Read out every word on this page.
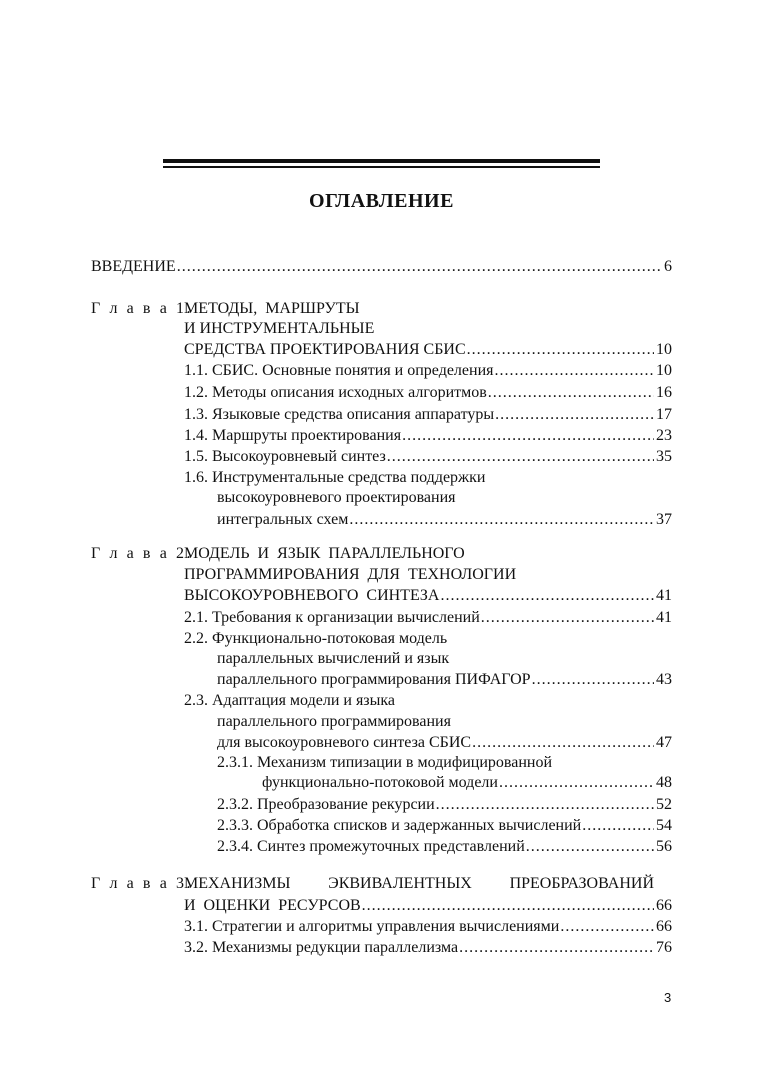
ОГЛАВЛЕНИЕ
ВВЕДЕНИЕ .....	6
Г л а в а 1.
МЕТОДЫ, МАРШРУТЫ
И ИНСТРУМЕНТАЛЬНЫЕ
СРЕДСТВА ПРОЕКТИРОВАНИЯ СБИС .....	10
1.1. СБИС. Основные понятия и определения .....	10
1.2. Методы описания исходных алгоритмов .....	16
1.3. Языковые средства описания аппаратуры .....	17
1.4. Маршруты проектирования .....	23
1.5. Высокоуровневый синтез .....	35
1.6. Инструментальные средства поддержки
высокоуровневого проектирования
интегральных схем .....	37
Г л а в а 2.
МОДЕЛЬ И ЯЗЫК ПАРАЛЛЕЛЬНОГО
ПРОГРАММИРОВАНИЯ ДЛЯ ТЕХНОЛОГИИ
ВЫСОКОУРОВНЕВОГО СИНТЕЗА .....	41
2.1. Требования к организации вычислений .....	41
2.2. Функционально-потоковая модель
параллельных вычислений и язык
параллельного программирования ПИФАГОР .....	43
2.3. Адаптация модели и языка
параллельного программирования
для высокоуровневого синтеза СБИС .....	47
2.3.1. Механизм типизации в модифицированной
функционально-потоковой модели .....	48
2.3.2. Преобразование рекурсии .....	52
2.3.3. Обработка списков и задержанных вычислений .....	54
2.3.4. Синтез промежуточных представлений .....	56
Г л а в а 3.
МЕХАНИЗМЫ ЭКВИВАЛЕНТНЫХ ПРЕОБРАЗОВАНИЙ
И ОЦЕНКИ РЕСУРСОВ .....	66
3.1. Стратегии и алгоритмы управления вычислениями .....	66
3.2. Механизмы редукции параллелизма .....	76
3
